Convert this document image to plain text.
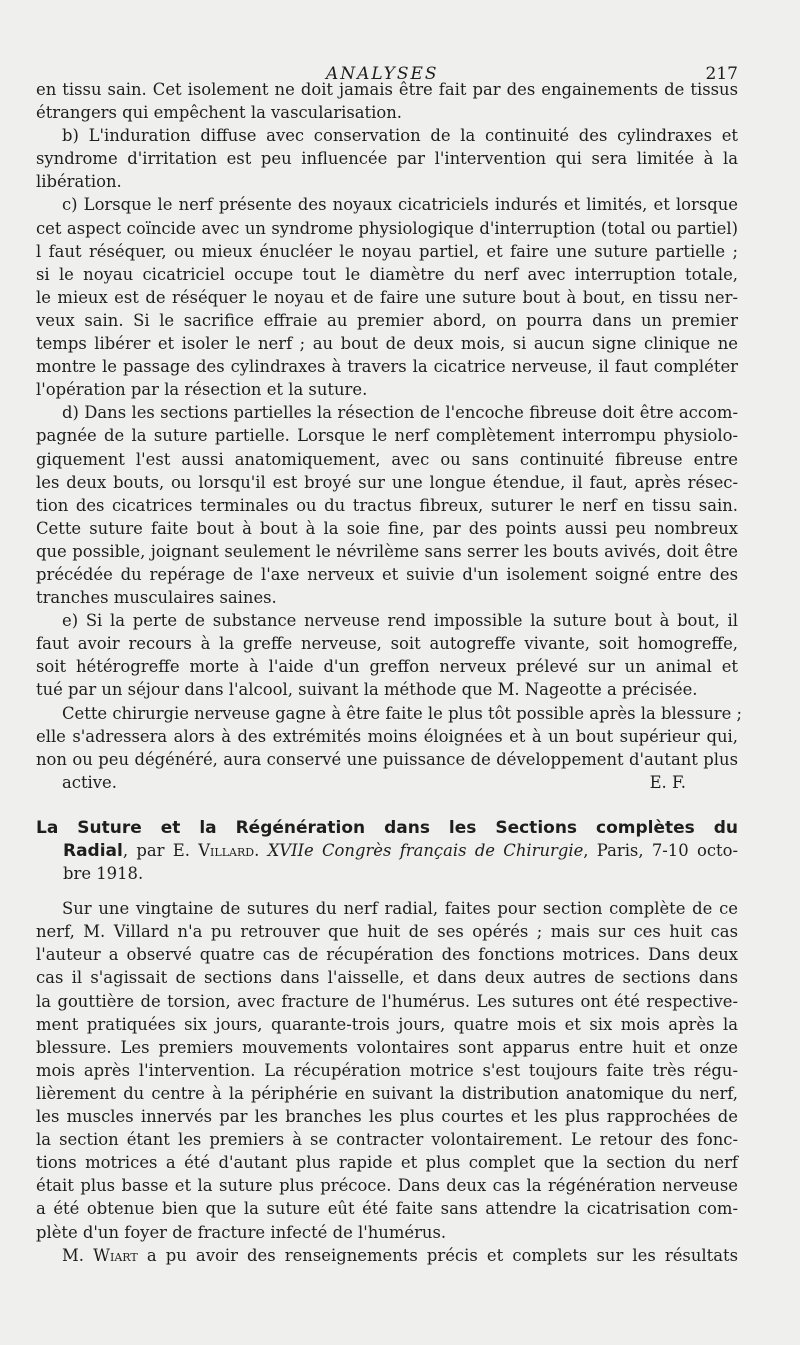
ANALYSES	217
en tissu sain. Cet isolement ne doit jamais être fait par des engainements de tissus
étrangers qui empêchent la vascularisation.
b) L'induration diffuse avec conservation de la continuité des cylindraxes et
syndrome d'irritation est peu influencée par l'intervention qui sera limitée à la
libération.
c) Lorsque le nerf présente des noyaux cicatriciels indurés et limités, et lorsque
cet aspect coïncide avec un syndrome physiologique d'interruption (total ou partiel)
l faut réséquer, ou mieux énucléer le noyau partiel, et faire une suture partielle ;
si le noyau cicatriciel occupe tout le diamètre du nerf avec interruption totale,
le mieux est de réséquer le noyau et de faire une suture bout à bout, en tissu ner-
veux sain. Si le sacrifice effraie au premier abord, on pourra dans un premier
temps libérer et isoler le nerf ; au bout de deux mois, si aucun signe clinique ne
montre le passage des cylindraxes à travers la cicatrice nerveuse, il faut compléter
l'opération par la résection et la suture.
d) Dans les sections partielles la résection de l'encoche fibreuse doit être accom-
pagnée de la suture partielle. Lorsque le nerf complètement interrompu physiolo-
giquement l'est aussi anatomiquement, avec ou sans continuité fibreuse entre
les deux bouts, ou lorsqu'il est broyé sur une longue étendue, il faut, après résec-
tion des cicatrices terminales ou du tractus fibreux, suturer le nerf en tissu sain.
Cette suture faite bout à bout à la soie fine, par des points aussi peu nombreux
que possible, joignant seulement le névrilème sans serrer les bouts avivés, doit être
précédée du repérage de l'axe nerveux et suivie d'un isolement soigné entre des
tranches musculaires saines.
e) Si la perte de substance nerveuse rend impossible la suture bout à bout, il
faut avoir recours à la greffe nerveuse, soit autogreffe vivante, soit homogreffe,
soit hétérogreffe morte à l'aide d'un greffon nerveux prélevé sur un animal et
tué par un séjour dans l'alcool, suivant la méthode que M. Nageotte a précisée.
Cette chirurgie nerveuse gagne à être faite le plus tôt possible après la blessure ;
elle s'adressera alors à des extrémités moins éloignées et à un bout supérieur qui,
non ou peu dégénéré, aura conservé une puissance de développement d'autant plus
active.	E. F.
La Suture et la Régénération dans les Sections complètes du
Radial, par E. Villard. XVIIe Congrès français de Chirurgie, Paris, 7-10 octo-
bre 1918.
Sur une vingtaine de sutures du nerf radial, faites pour section complète de ce
nerf, M. Villard n'a pu retrouver que huit de ses opérés ; mais sur ces huit cas
l'auteur a observé quatre cas de récupération des fonctions motrices. Dans deux
cas il s'agissait de sections dans l'aisselle, et dans deux autres de sections dans
la gouttière de torsion, avec fracture de l'humérus. Les sutures ont été respective-
ment pratiquées six jours, quarante-trois jours, quatre mois et six mois après la
blessure. Les premiers mouvements volontaires sont apparus entre huit et onze
mois après l'intervention. La récupération motrice s'est toujours faite très régu-
lièrement du centre à la périphérie en suivant la distribution anatomique du nerf,
les muscles innervés par les branches les plus courtes et les plus rapprochées de
la section étant les premiers à se contracter volontairement. Le retour des fonc-
tions motrices a été d'autant plus rapide et plus complet que la section du nerf
était plus basse et la suture plus précoce. Dans deux cas la régénération nerveuse
a été obtenue bien que la suture eût été faite sans attendre la cicatrisation com-
plète d'un foyer de fracture infecté de l'humérus.
M. Wiart a pu avoir des renseignements précis et complets sur les résultats
